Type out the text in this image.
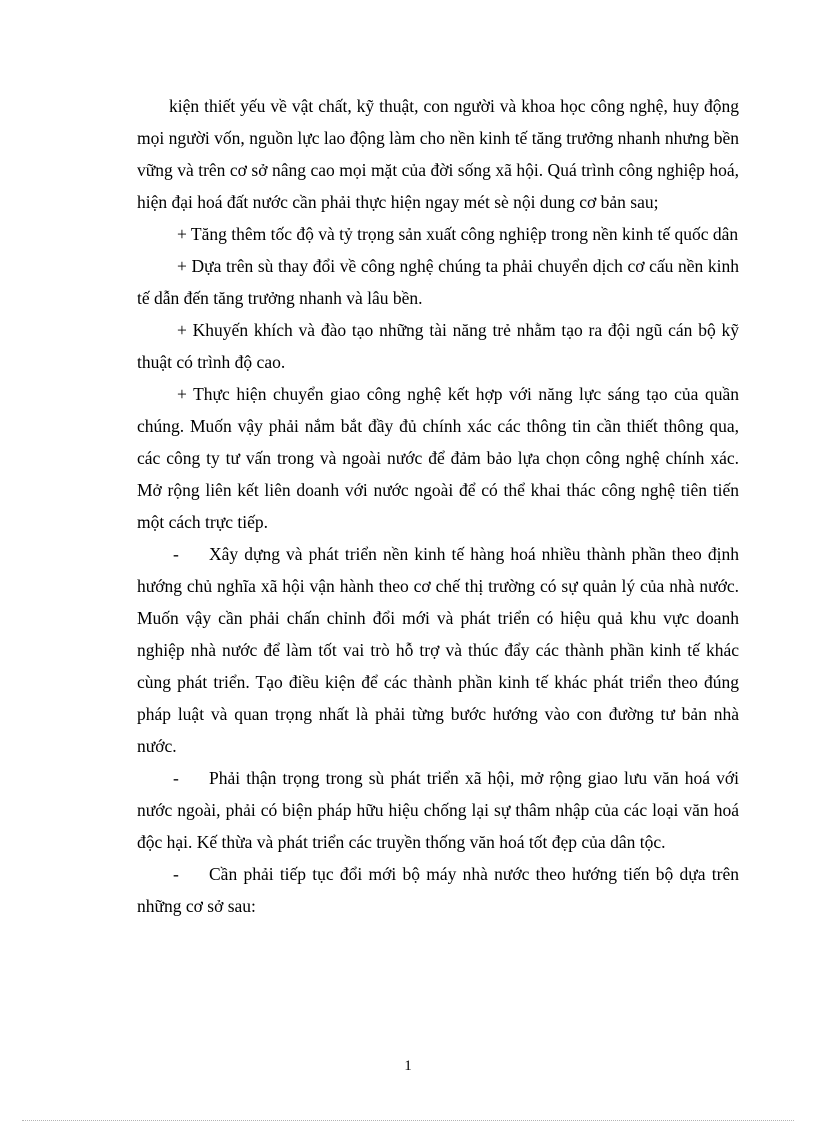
kiện thiết yếu về vật chất, kỹ thuật, con người và khoa học công nghệ, huy động mọi người vốn, nguồn lực lao động làm cho nền kinh tế tăng trưởng nhanh nhưng bền vững và trên cơ sở nâng cao mọi mặt của đời sống xã hội. Quá trình công nghiệp hoá, hiện đại hoá đất nước cần phải thực hiện ngay mét sè nội dung cơ bản sau;

+ Tăng thêm tốc độ và tỷ trọng sản xuất công nghiệp trong nền kinh tế quốc dân

+ Dựa trên sù thay đổi về công nghệ chúng ta phải chuyển dịch cơ cấu nền kinh tế dẫn đến tăng trưởng nhanh và lâu bền.

+ Khuyến khích và đào tạo những tài năng trẻ nhằm tạo ra đội ngũ cán bộ kỹ thuật có trình độ cao.

+ Thực hiện chuyển giao công nghệ kết hợp với năng lực sáng tạo của quần chúng. Muốn vậy phải nắm bắt đầy đủ chính xác các thông tin cần thiết thông qua, các công ty tư vấn trong và ngoài nước để đảm bảo lựa chọn công nghệ chính xác. Mở rộng liên kết liên doanh với nước ngoài để có thể khai thác công nghệ tiên tiến một cách trực tiếp.

- Xây dựng và phát triển nền kinh tế hàng hoá nhiều thành phần theo định hướng chủ nghĩa xã hội vận hành theo cơ chế thị trường có sự quản lý của nhà nước. Muốn vậy cần phải chấn chỉnh đổi mới và phát triển có hiệu quả khu vực doanh nghiệp nhà nước để làm tốt vai trò hỗ trợ và thúc đẩy các thành phần kinh tế khác cùng phát triển. Tạo điều kiện để các thành phần kinh tế khác phát triển theo đúng pháp luật và quan trọng nhất là phải từng bước hướng vào con đường tư bản nhà nước.

- Phải thận trọng trong sù phát triển xã hội, mở rộng giao lưu văn hoá với nước ngoài, phải có biện pháp hữu hiệu chống lại sự thâm nhập của các loại văn hoá độc hại. Kế thừa và phát triển các truyền thống văn hoá tốt đẹp của dân tộc.

- Cần phải tiếp tục đổi mới bộ máy nhà nước theo hướng tiến bộ dựa trên những cơ sở sau:

1
